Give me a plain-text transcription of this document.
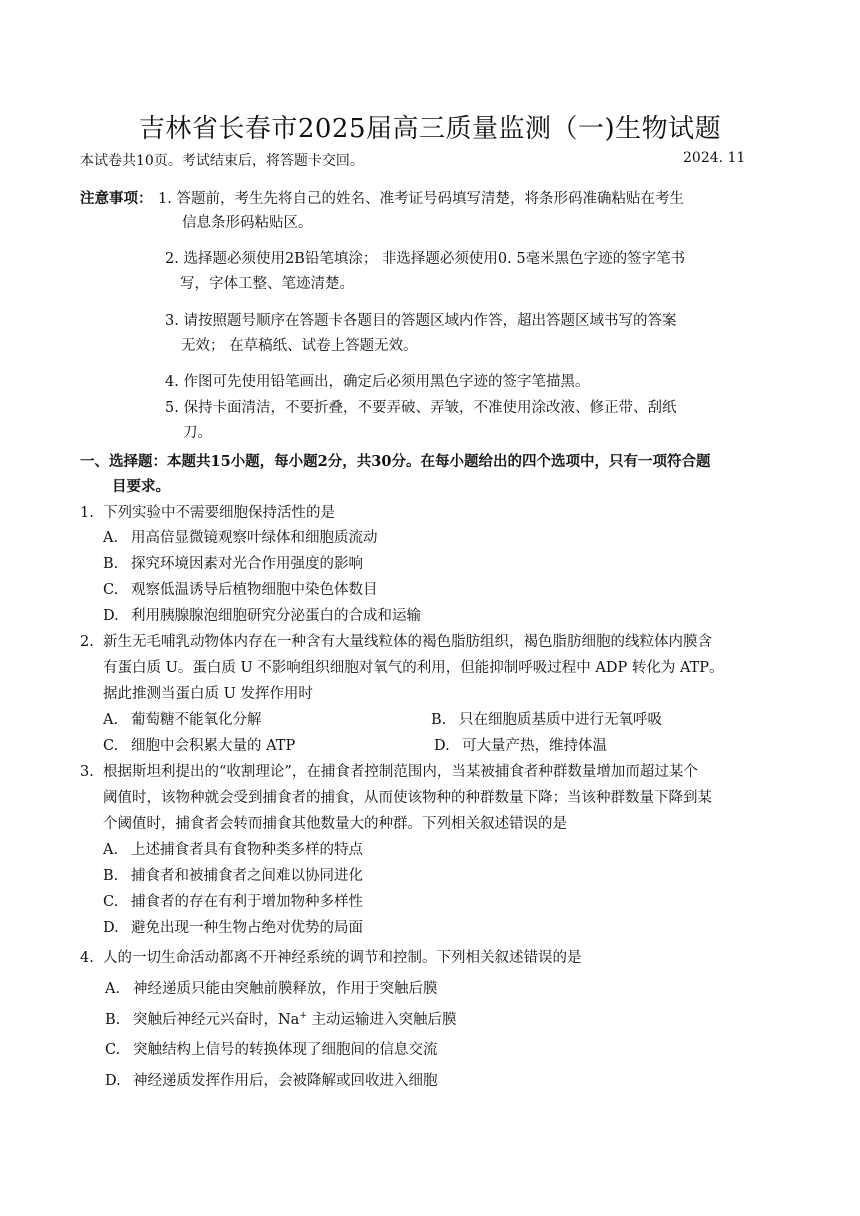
吉林省长春市2025届高三质量监测（一)生物试题
本试卷共10页。考试结束后，将答题卡交回。	2024. 11
注意事项： 1. 答题前，考生先将自己的姓名、准考证号码填写清楚，将条形码准确粘贴在考生
信息条形码粘贴区。
2. 选择题必须使用2B铅笔填涂； 非选择题必须使用0. 5毫米黑色字迹的签字笔书
写，字体工整、笔迹清楚。
3. 请按照题号顺序在答题卡各题目的答题区域内作答，超出答题区域书写的答案
无效； 在草稿纸、试卷上答题无效。
4. 作图可先使用铅笔画出，确定后必须用黑色字迹的签字笔描黑。
5. 保持卡面清洁，不要折叠，不要弄破、弄皱，不准使用涂改液、修正带、刮纸
刀。
一、选择题：本题共15小题，每小题2分，共30分。在每小题给出的四个选项中，只有一项符合题
目要求。
1. 下列实验中不需要细胞保持活性的是
A. 用高倍显微镜观察叶绿体和细胞质流动
B. 探究环境因素对光合作用强度的影响
C. 观察低温诱导后植物细胞中染色体数目
D. 利用胰腺腺泡细胞研究分泌蛋白的合成和运输
2. 新生无毛哺乳动物体内存在一种含有大量线粒体的褐色脂肪组织，褐色脂肪细胞的线粒体内膜含
有蛋白质 U。蛋白质 U 不影响组织细胞对氧气的利用，但能抑制呼吸过程中 ADP 转化为 ATP。
据此推测当蛋白质 U 发挥作用时
A. 葡萄糖不能氧化分解	B. 只在细胞质基质中进行无氧呼吸
C. 细胞中会积累大量的 ATP	D. 可大量产热，维持体温
3. 根据斯坦利提出的“收割理论”，在捕食者控制范围内，当某被捕食者种群数量增加而超过某个
阈值时，该物种就会受到捕食者的捕食，从而使该物种的种群数量下降；当该种群数量下降到某
个阈值时，捕食者会转而捕食其他数量大的种群。下列相关叙述错误的是
A. 上述捕食者具有食物种类多样的特点
B. 捕食者和被捕食者之间难以协同进化
C. 捕食者的存在有利于增加物种多样性
D. 避免出现一种生物占绝对优势的局面
4. 人的一切生命活动都离不开神经系统的调节和控制。下列相关叙述错误的是
A. 神经递质只能由突触前膜释放，作用于突触后膜
B. 突触后神经元兴奋时，Na+ 主动运输进入突触后膜
C. 突触结构上信号的转换体现了细胞间的信息交流
D. 神经递质发挥作用后，会被降解或回收进入细胞
